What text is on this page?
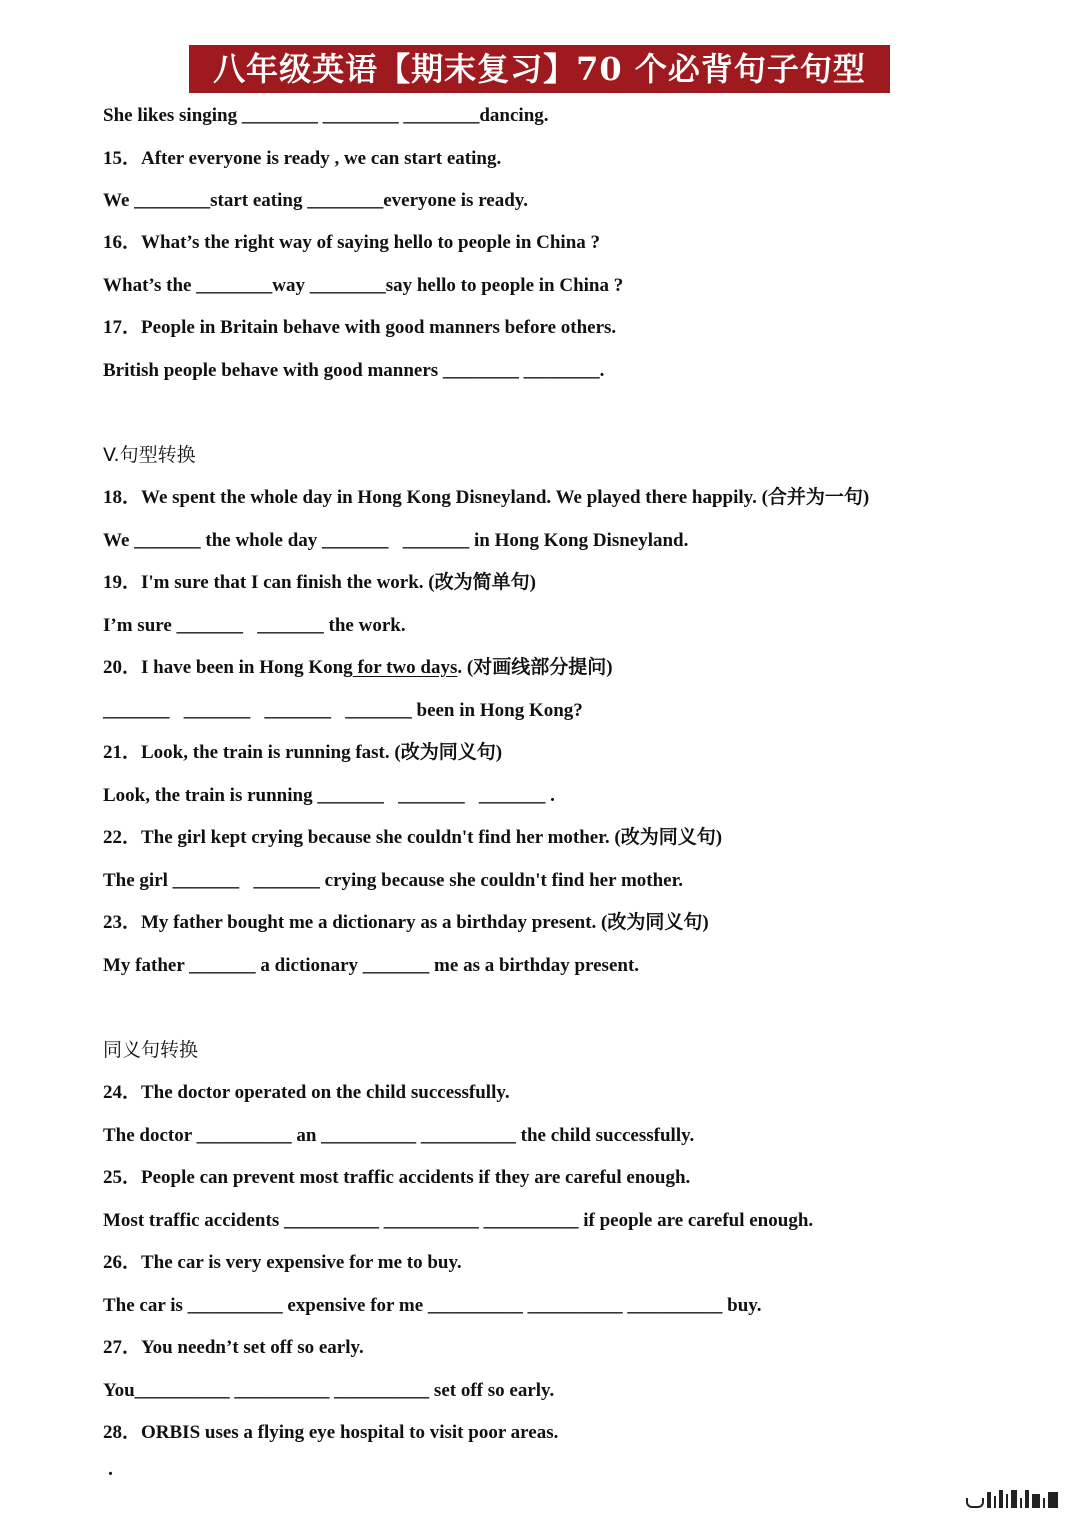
八年级英语【期末复习】70 个必背句子句型
She likes singing ________ ________ ________dancing.
15．After everyone is ready , we can start eating.
We ________start eating ________everyone is ready.
16．What’s the right way of saying hello to people in China ?
What’s the ________way ________say hello to people in China ?
17．People in Britain behave with good manners before others.
British people behave with good manners ________ ________.
V.句型转换
18．We spent the whole day in Hong Kong Disneyland. We played there happily. (合并为一句)
We _______ the whole day _______   _______ in Hong Kong Disneyland.
19．I'm sure that I can finish the work. (改为简单句)
I’m sure _______   _______ the work.
20．I have been in Hong Kong for two days. (对画线部分提问)
_______   _______   _______   _______ been in Hong Kong?
21．Look, the train is running fast. (改为同义句)
Look, the train is running _______   _______   _______ .
22．The girl kept crying because she couldn't find her mother. (改为同义句)
The girl _______   _______ crying because she couldn't find her mother.
23．My father bought me a dictionary as a birthday present. (改为同义句)
My father _______ a dictionary _______ me as a birthday present.
同义句转换
24．The doctor operated on the child successfully.
The doctor __________ an __________ __________ the child successfully.
25．People can prevent most traffic accidents if they are careful enough.
Most traffic accidents __________ __________ __________ if people are careful enough.
26．The car is very expensive for me to buy.
The car is __________ expensive for me __________ __________ __________ buy.
27．You needn’t set off so early.
You__________ __________ __________ set off so early.
28．ORBIS uses a flying eye hospital to visit poor areas.
.
